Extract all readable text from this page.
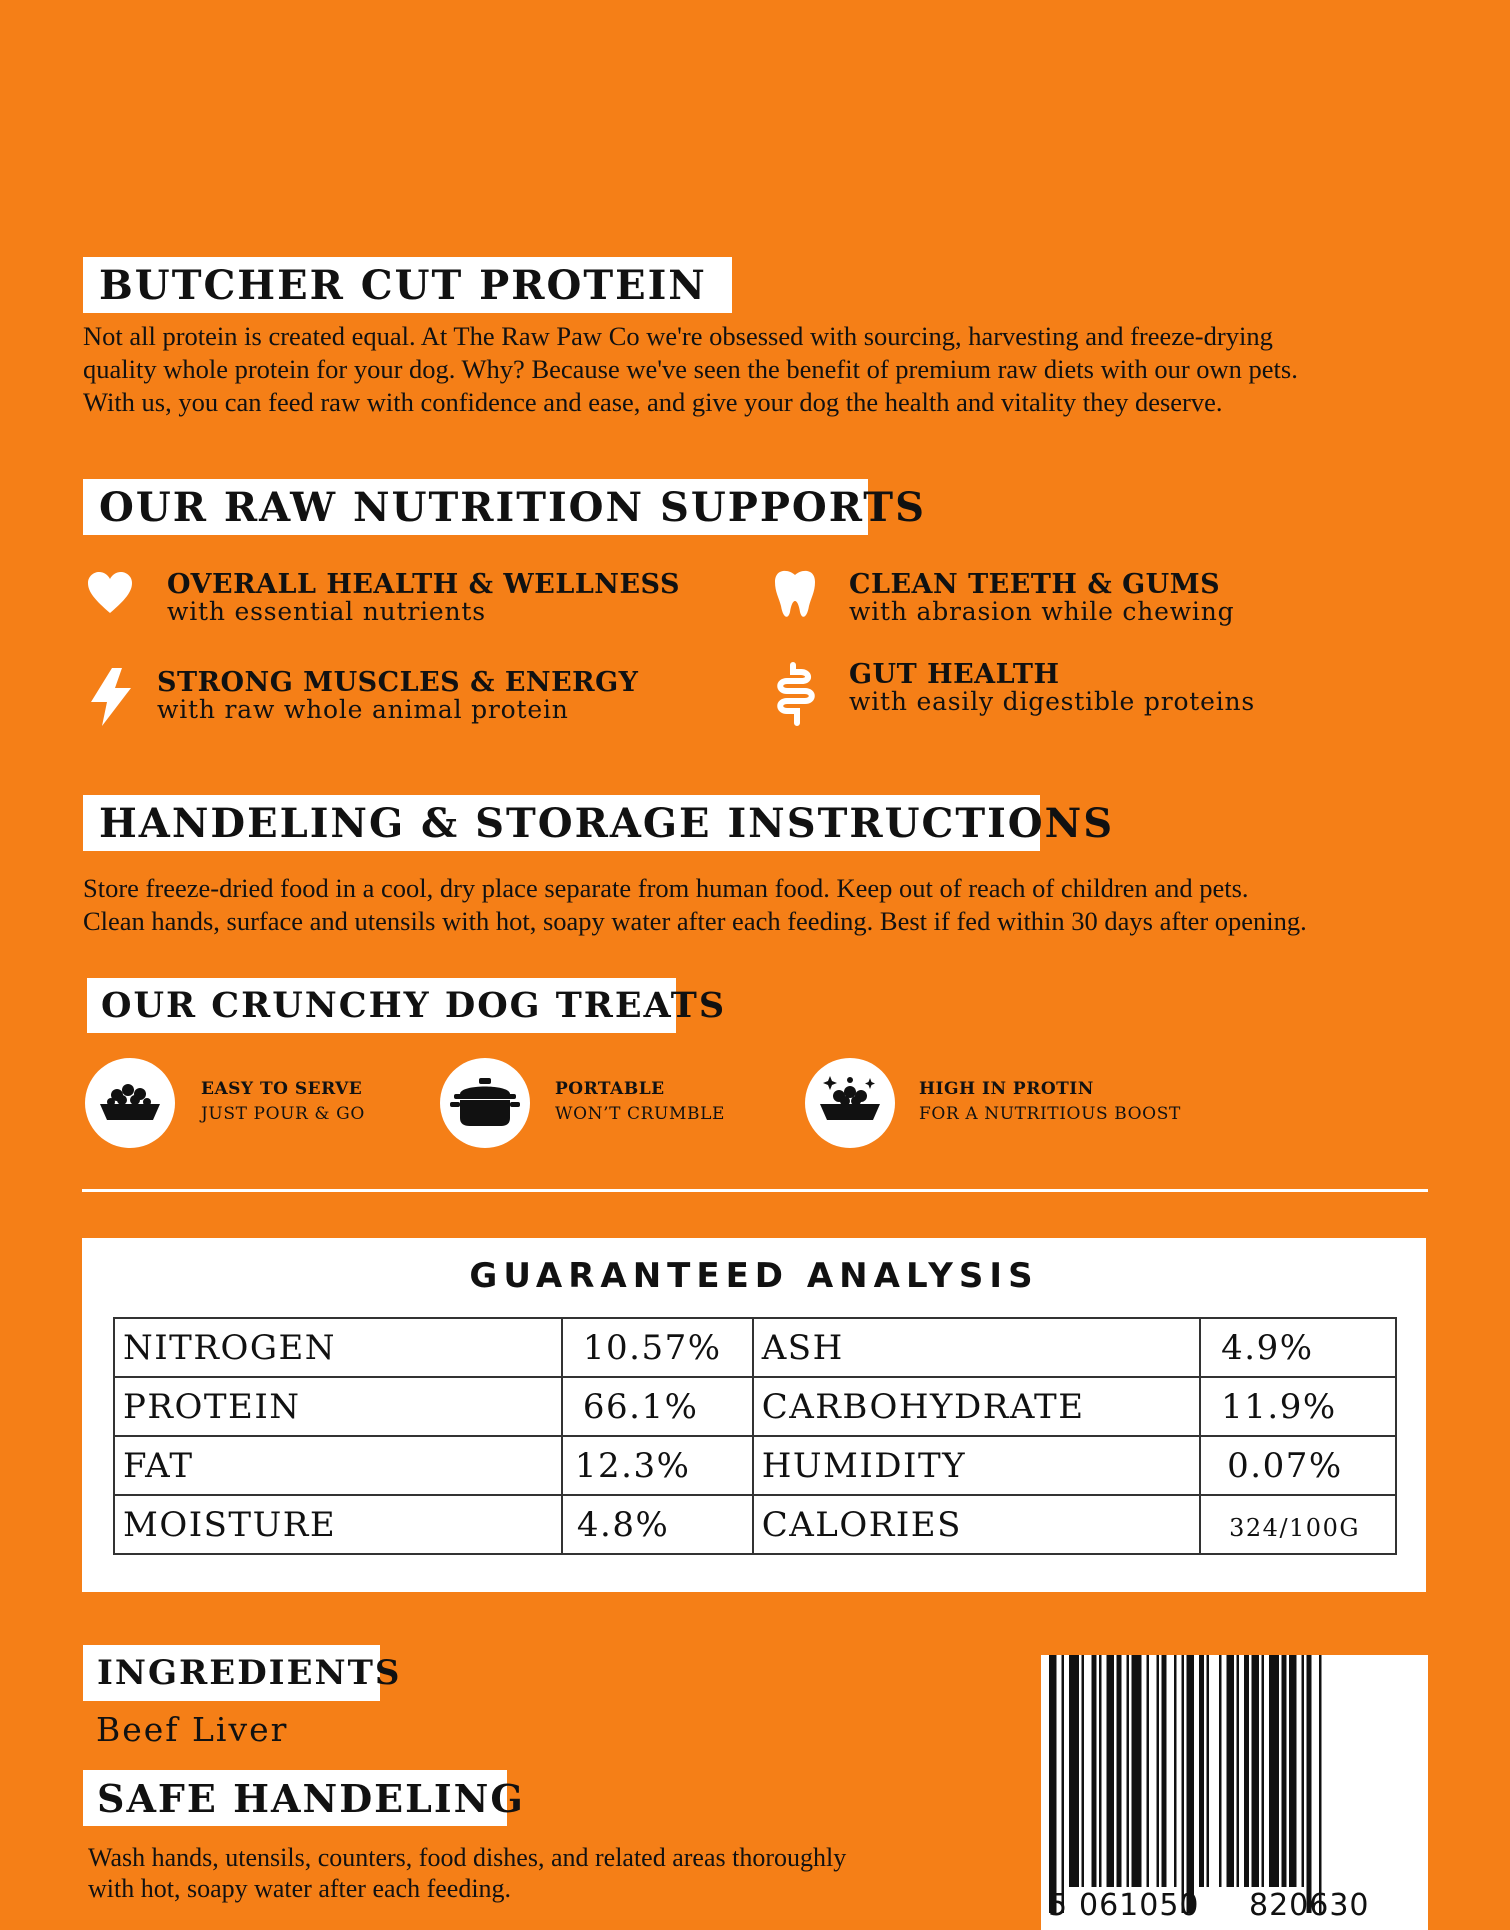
BUTCHER CUT PROTEIN
Not all protein is created equal. At The Raw Paw Co we're obsessed with sourcing, harvesting and freeze-drying
quality whole protein for your dog. Why? Because we've seen the benefit of premium raw diets with our own pets.
With us, you can feed raw with confidence and ease, and give your dog the health and vitality they deserve.
OUR RAW NUTRITION SUPPORTS
OVERALL HEALTH & WELLNESS
with essential nutrients
CLEAN TEETH & GUMS
with abrasion while chewing
STRONG MUSCLES & ENERGY
with raw whole animal protein
GUT HEALTH
with easily digestible proteins
HANDELING & STORAGE INSTRUCTIONS
Store freeze-dried food in a cool, dry place separate from human food. Keep out of reach of children and pets.
Clean hands, surface and utensils with hot, soapy water after each feeding. Best if fed within 30 days after opening.
OUR CRUNCHY DOG TREATS
EASY TO SERVE
JUST POUR & GO
PORTABLE
WON’T CRUMBLE
HIGH IN PROTIN
FOR A NUTRITIOUS BOOST
GUARANTEED ANALYSIS
NITROGEN	10.57%	ASH	4.9%
PROTEIN	66.1%	CARBOHYDRATE	11.9%
FAT	12.3%	HUMIDITY	0.07%
MOISTURE	4.8%	CALORIES	324/100G
INGREDIENTS
Beef Liver
SAFE HANDELING
Wash hands, utensils, counters, food dishes, and related areas thoroughly
with hot, soapy water after each feeding.	5 061050 820630
